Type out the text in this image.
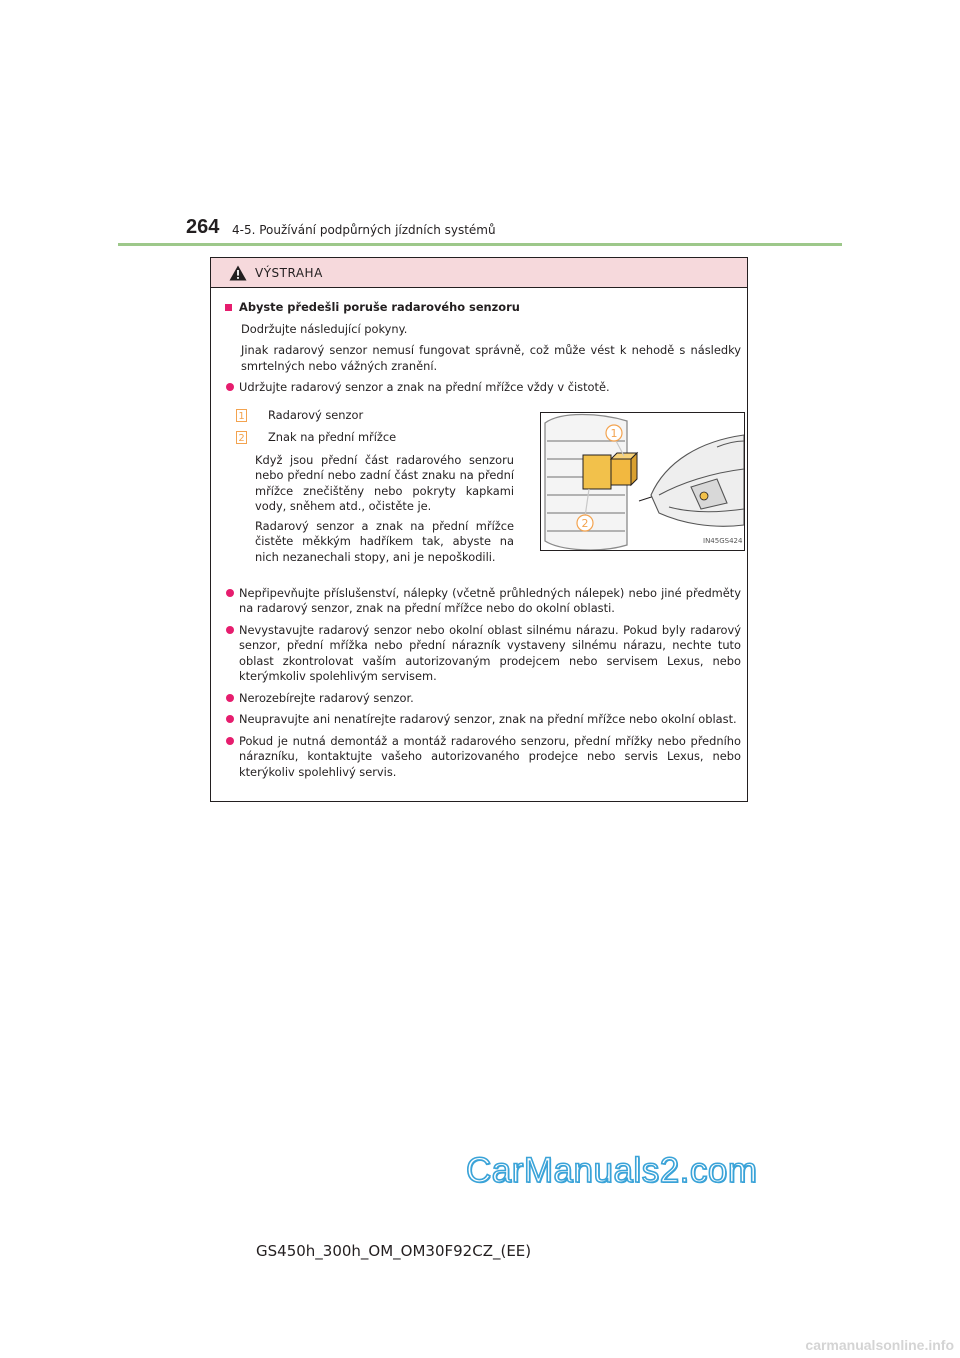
264 4-5. Používání podpůrných jízdních systémů
VÝSTRAHA
Abyste předešli poruše radarového senzoru
Dodržujte následující pokyny.
Jinak radarový senzor nemusí fungovat správně, což může vést k nehodě s následky smrtelných nebo vážných zranění.
Udržujte radarový senzor a znak na přední mřížce vždy v čistotě.
1 Radarový senzor
2 Znak na přední mřížce
Když jsou přední část radarového senzoru nebo přední nebo zadní část znaku na přední mřížce znečištěny nebo pokryty kapkami vody, sněhem atd., očistěte je.
Radarový senzor a znak na přední mřížce čistěte měkkým hadříkem tak, abyste na nich nezanechali stopy, ani je nepoškodili.
1
2
IN45GS424
Nepřipevňujte příslušenství, nálepky (včetně průhledných nálepek) nebo jiné předměty na radarový senzor, znak na přední mřížce nebo do okolní oblasti.
Nevystavujte radarový senzor nebo okolní oblast silnému nárazu. Pokud byly radarový senzor, přední mřížka nebo přední nárazník vystaveny silnému nárazu, nechte tuto oblast zkontrolovat vaším autorizovaným prodejcem nebo servisem Lexus, nebo kterýmkoliv spolehlivým servisem.
Nerozebírejte radarový senzor.
Neupravujte ani nenatírejte radarový senzor, znak na přední mřížce nebo okolní oblast.
Pokud je nutná demontáž a montáž radarového senzoru, přední mřížky nebo předního nárazníku, kontaktujte vašeho autorizovaného prodejce nebo servis Lexus, nebo kterýkoliv spolehlivý servis.
CarManuals2.com
GS450h_300h_OM_OM30F92CZ_(EE)
carmanualsonline.info
